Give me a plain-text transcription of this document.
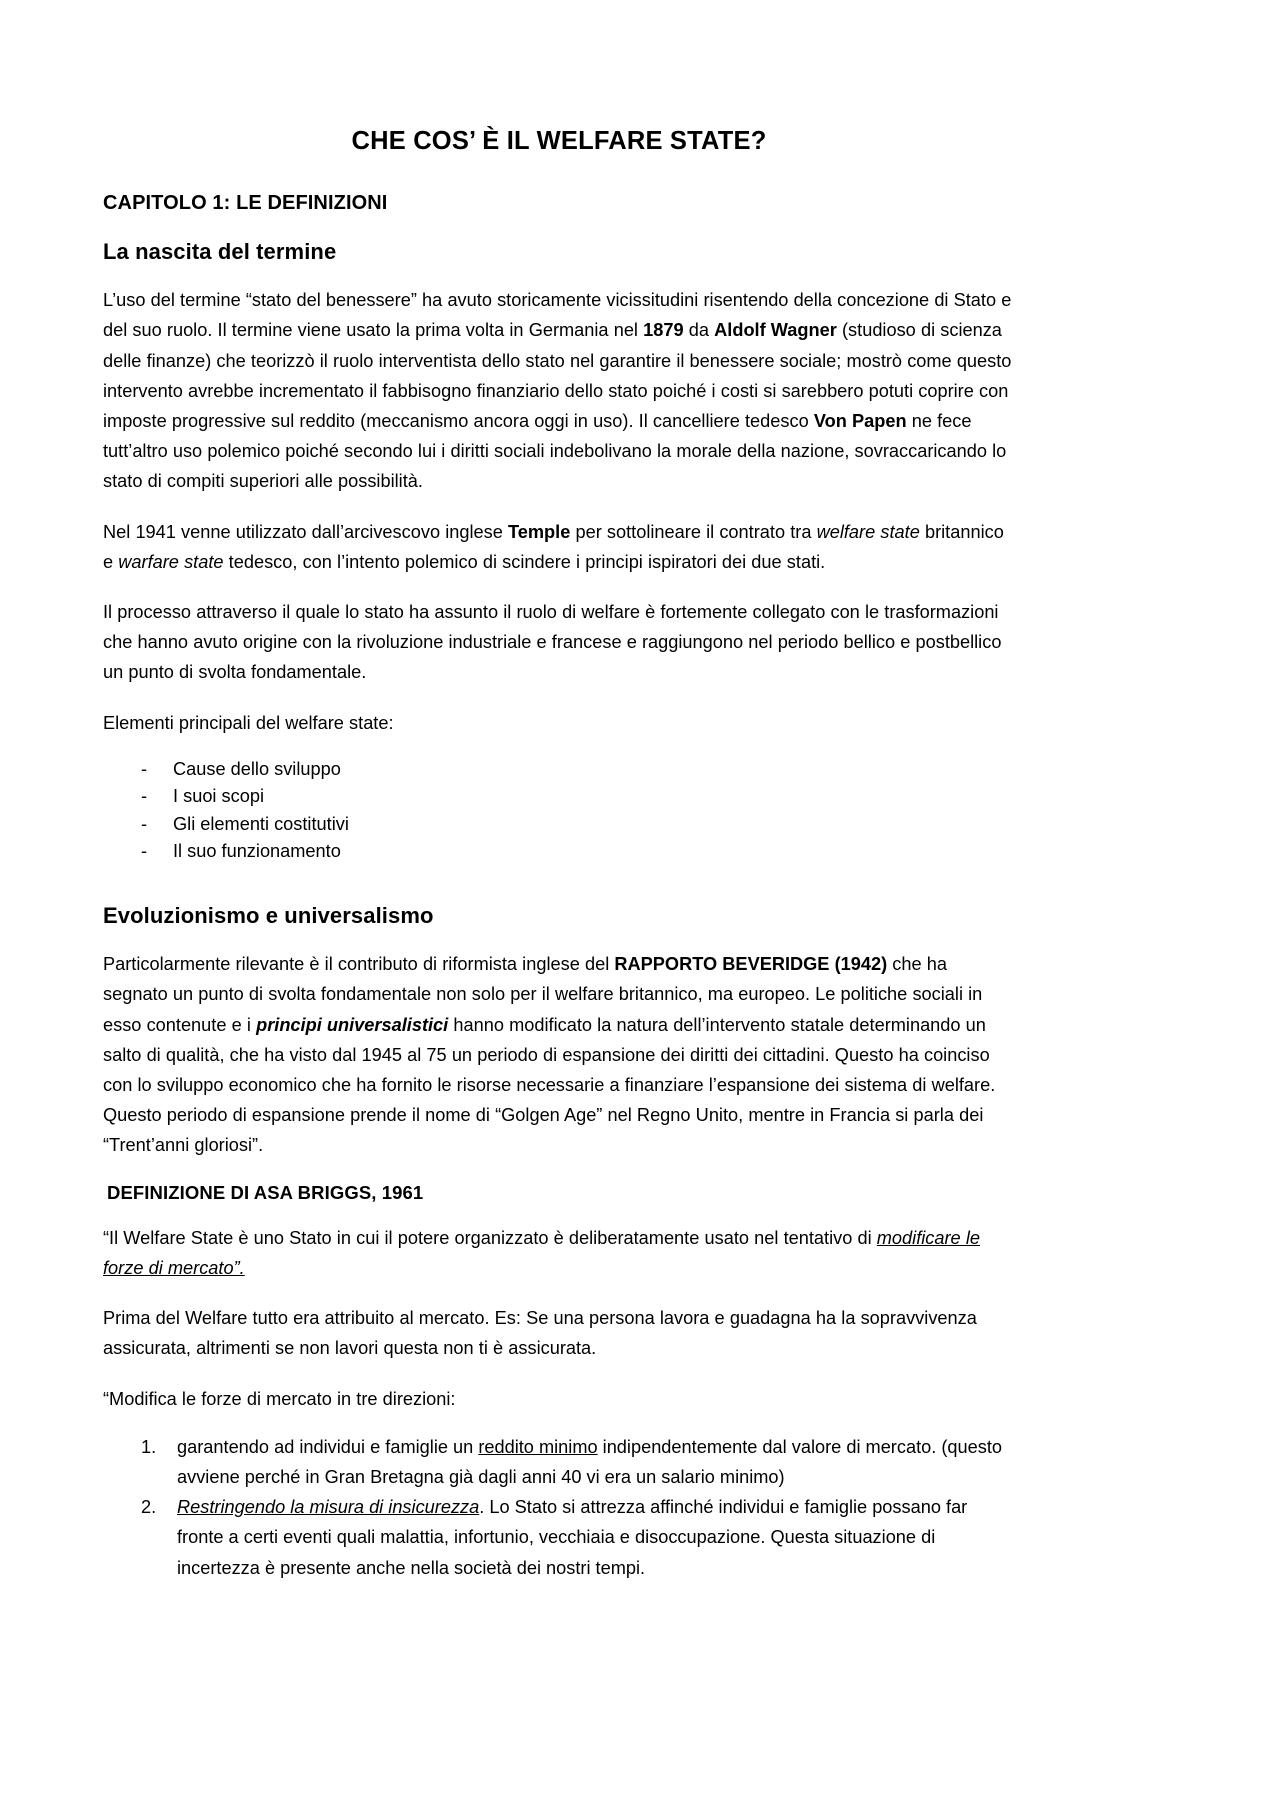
CHE COS’ È IL WELFARE STATE?
CAPITOLO 1: LE DEFINIZIONI
La nascita del termine

L’uso del termine “stato del benessere” ha avuto storicamente vicissitudini risentendo della concezione di Stato e del suo ruolo. Il termine viene usato la prima volta in Germania nel 1879 da Aldolf Wagner (studioso di scienza delle finanze) che teorizzò il ruolo interventista dello stato nel garantire il benessere sociale; mostrò come questo intervento avrebbe incrementato il fabbisogno finanziario dello stato poiché i costi si sarebbero potuti coprire con imposte progressive sul reddito (meccanismo ancora oggi in uso). Il cancelliere tedesco Von Papen ne fece tutt’altro uso polemico poiché secondo lui i diritti sociali indebolivano la morale della nazione, sovraccaricando lo stato di compiti superiori alle possibilità.

Nel 1941 venne utilizzato dall’arcivescovo inglese Temple per sottolineare il contrato tra welfare state britannico e warfare state tedesco, con l’intento polemico di scindere i principi ispiratori dei due stati.

Il processo attraverso il quale lo stato ha assunto il ruolo di welfare è fortemente collegato con le trasformazioni che hanno avuto origine con la rivoluzione industriale e francese e raggiungono nel periodo bellico e postbellico un punto di svolta fondamentale.

Elementi principali del welfare state:

-	Cause dello sviluppo
-	I suoi scopi
-	Gli elementi costitutivi
-	Il suo funzionamento
Evoluzionismo e universalismo

Particolarmente rilevante è il contributo di riformista inglese del RAPPORTO BEVERIDGE (1942) che ha segnato un punto di svolta fondamentale non solo per il welfare britannico, ma europeo. Le politiche sociali in esso contenute e i principi universalistici hanno modificato la natura dell’intervento statale determinando un salto di qualità, che ha visto dal 1945 al 75 un periodo di espansione dei diritti dei cittadini. Questo ha coinciso con lo sviluppo economico che ha fornito le risorse necessarie a finanziare l’espansione dei sistema di welfare. Questo periodo di espansione prende il nome di “Golgen Age” nel Regno Unito, mentre in Francia si parla dei “Trent’anni gloriosi”.

DEFINIZIONE DI ASA BRIGGS, 1961

“Il Welfare State è uno Stato in cui il potere organizzato è deliberatamente usato nel tentativo di modificare le forze di mercato”.

Prima del Welfare tutto era attribuito al mercato. Es: Se una persona lavora e guadagna ha la sopravvivenza assicurata, altrimenti se non lavori questa non ti è assicurata.

“Modifica le forze di mercato in tre direzioni:

1.	garantendo ad individui e famiglie un reddito minimo indipendentemente dal valore di mercato. (questo avviene perché in Gran Bretagna già dagli anni 40 vi era un salario minimo)
2.	Restringendo la misura di insicurezza. Lo Stato si attrezza affinché individui e famiglie possano far fronte a certi eventi quali malattia, infortunio, vecchiaia e disoccupazione. Questa situazione di incertezza è presente anche nella società dei nostri tempi.
